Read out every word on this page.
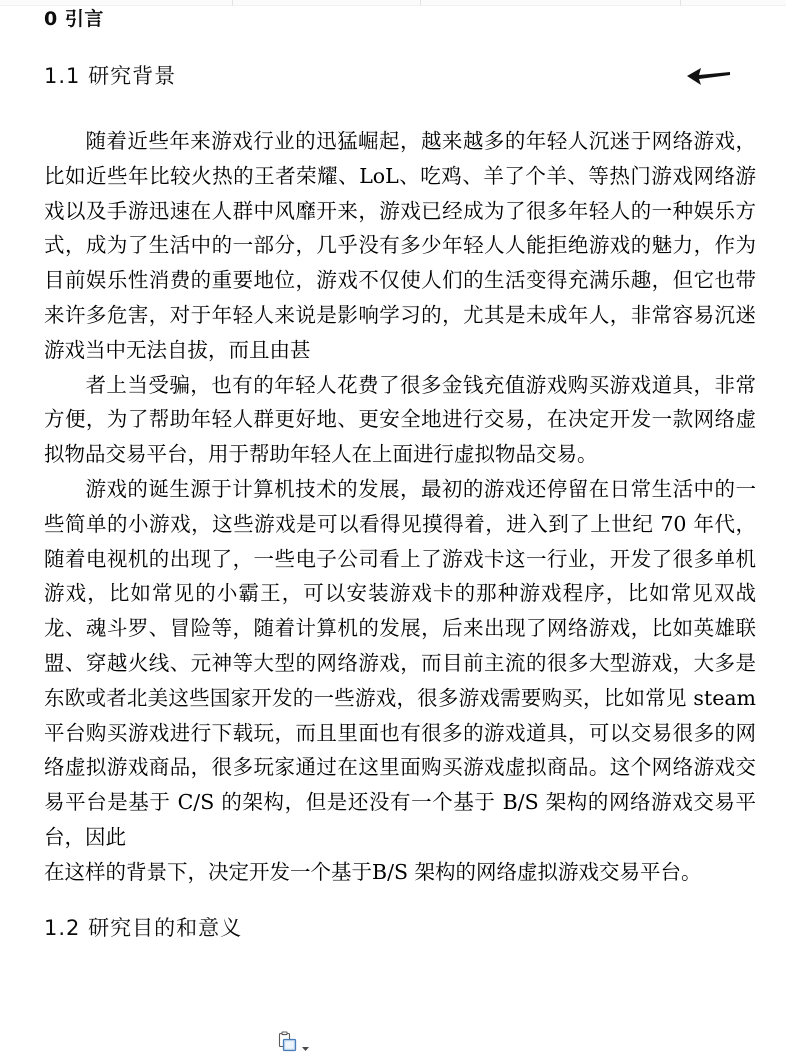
0 引言
1.1 研究背景

随着近些年来游戏行业的迅猛崛起，越来越多的年轻人沉迷于网络游戏，比如近些年比较火热的王者荣耀、LoL、吃鸡、羊了个羊、等热门游戏网络游戏以及手游迅速在人群中风靡开来，游戏已经成为了很多年轻人的一种娱乐方式，成为了生活中的一部分，几乎没有多少年轻人人能拒绝游戏的魅力，作为目前娱乐性消费的重要地位，游戏不仅使人们的生活变得充满乐趣，但它也带来许多危害，对于年轻人来说是影响学习的，尤其是未成年人，非常容易沉迷游戏当中无法自拔，而且由甚

者上当受骗，也有的年轻人花费了很多金钱充值游戏购买游戏道具，非常方便，为了帮助年轻人群更好地、更安全地进行交易，在决定开发一款网络虚拟物品交易平台，用于帮助年轻人在上面进行虚拟物品交易。

游戏的诞生源于计算机技术的发展，最初的游戏还停留在日常生活中的一些简单的小游戏，这些游戏是可以看得见摸得着，进入到了上世纪 70 年代，随着电视机的出现了，一些电子公司看上了游戏卡这一行业，开发了很多单机游戏，比如常见的小霸王，可以安装游戏卡的那种游戏程序，比如常见双战龙、魂斗罗、冒险等，随着计算机的发展，后来出现了网络游戏，比如英雄联盟、穿越火线、元神等大型的网络游戏，而目前主流的很多大型游戏，大多是东欧或者北美这些国家开发的一些游戏，很多游戏需要购买，比如常见 steam 平台购买游戏进行下载玩，而且里面也有很多的游戏道具，可以交易很多的网络虚拟游戏商品，很多玩家通过在这里面购买游戏虚拟商品。这个网络游戏交易平台是基于 C/S 的架构，但是还没有一个基于 B/S 架构的网络游戏交易平台，因此

在这样的背景下，决定开发一个基于B/S 架构的网络虚拟游戏交易平台。

1.2 研究目的和意义
